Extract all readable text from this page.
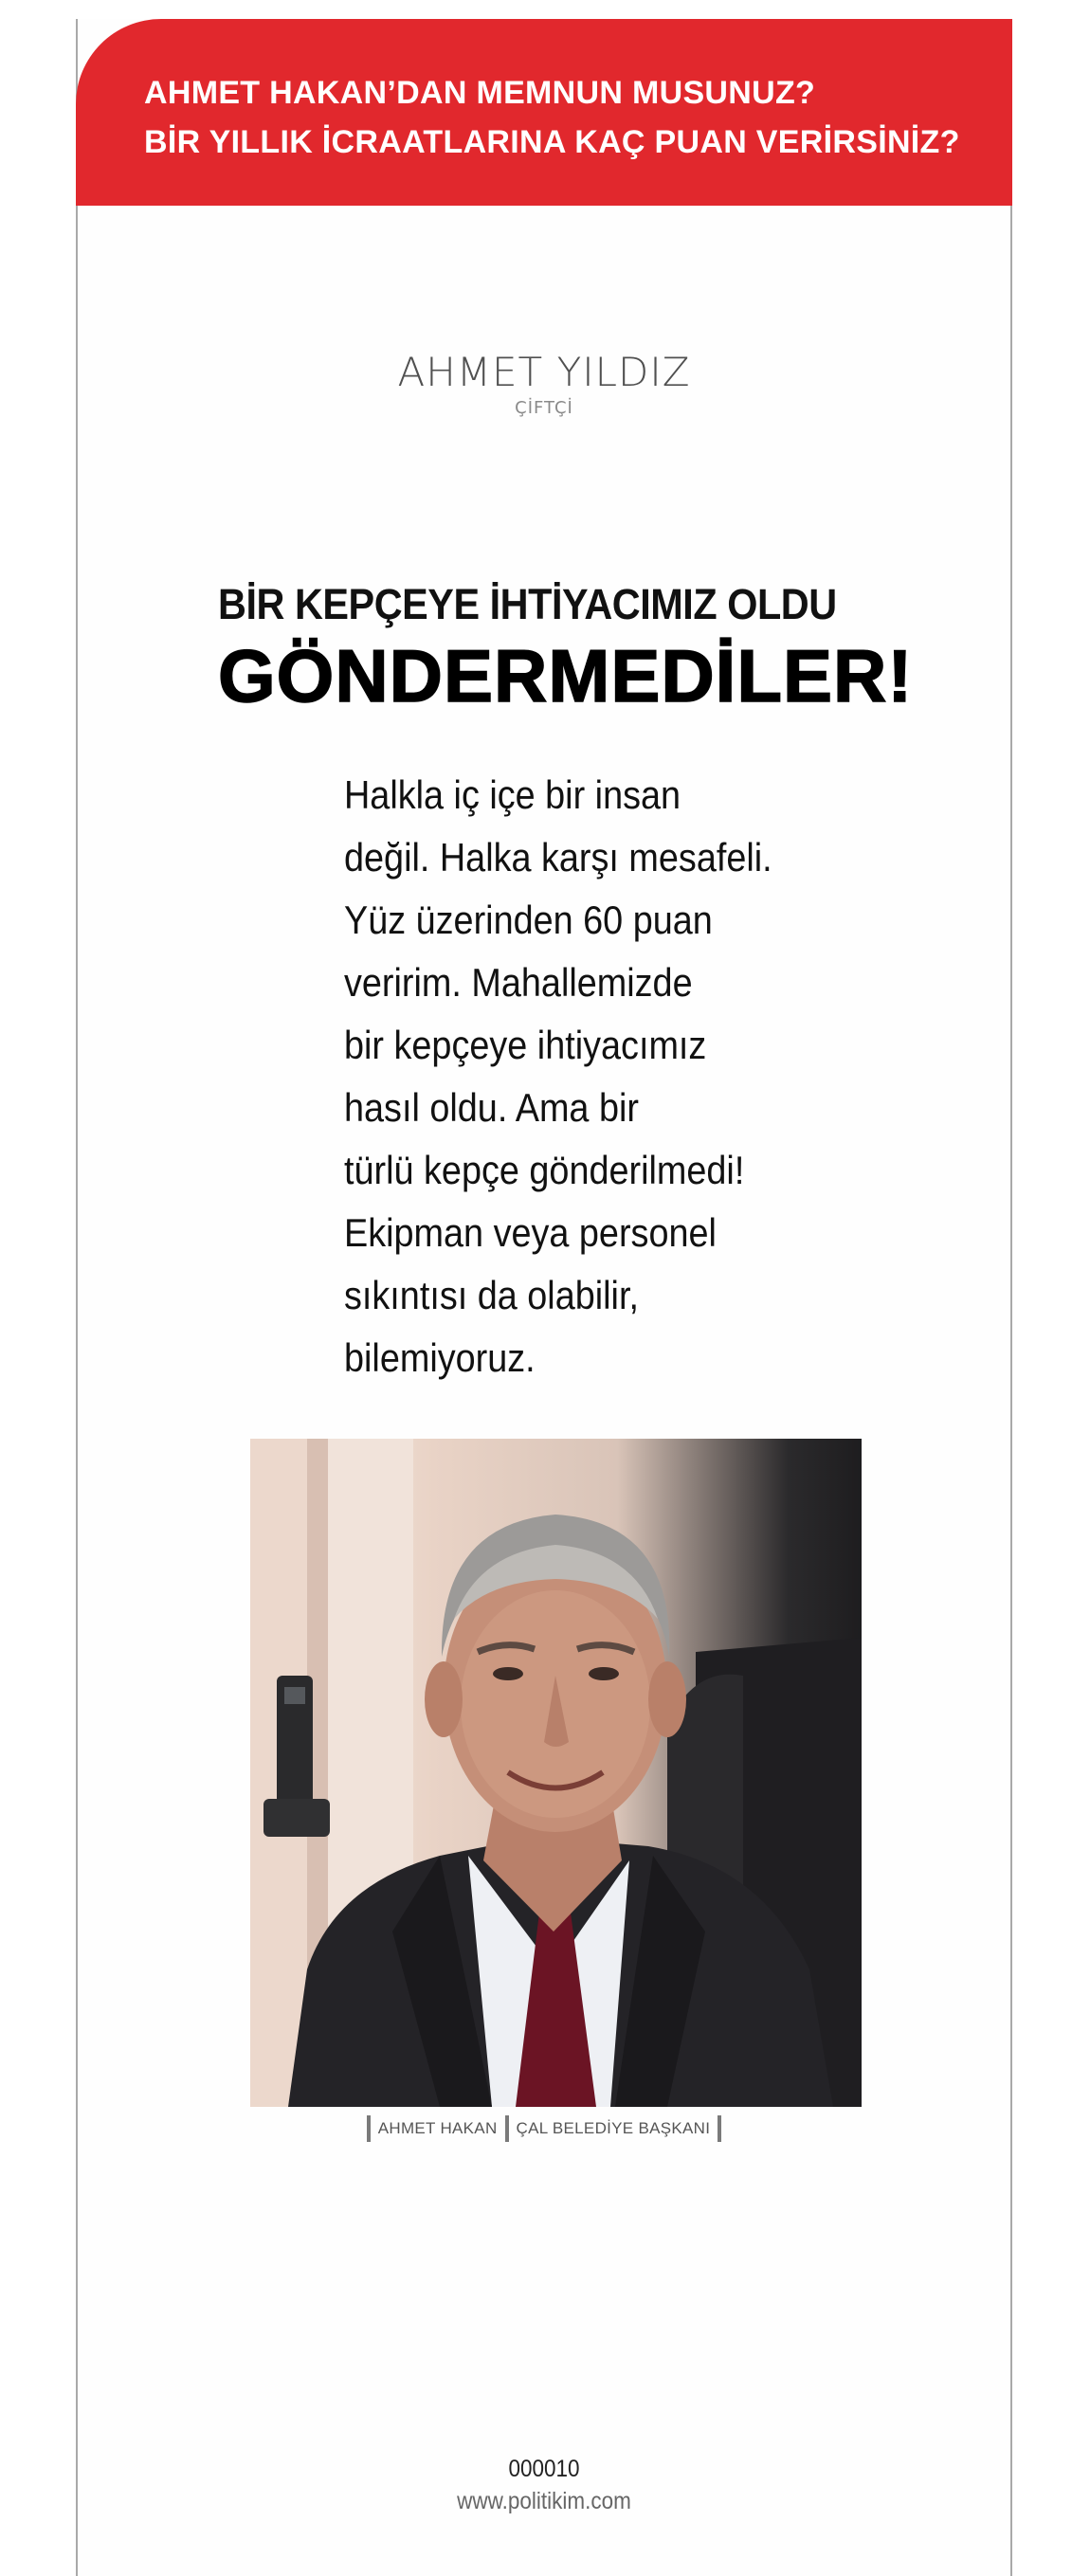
AHMET HAKAN’DAN MEMNUN MUSUNUZ?
BİR YILLIK İCRAATLARINA KAÇ PUAN VERİRSİNİZ?
AHMET YILDIZ
ÇİFTÇİ
BİR KEPÇEYE İHTİYACIMIZ OLDU
GÖNDERMEDİLER!
Halkla iç içe bir insan
değil. Halka karşı mesafeli.
Yüz üzerinden 60 puan
veririm. Mahallemizde
bir kepçeye ihtiyacımız
hasıl oldu. Ama bir
türlü kepçe gönderilmedi!
Ekipman veya personel
sıkıntısı da olabilir,
bilemiyoruz.
AHMET HAKAN ÇAL BELEDİYE BAŞKANI
000010
www.politikim.com
